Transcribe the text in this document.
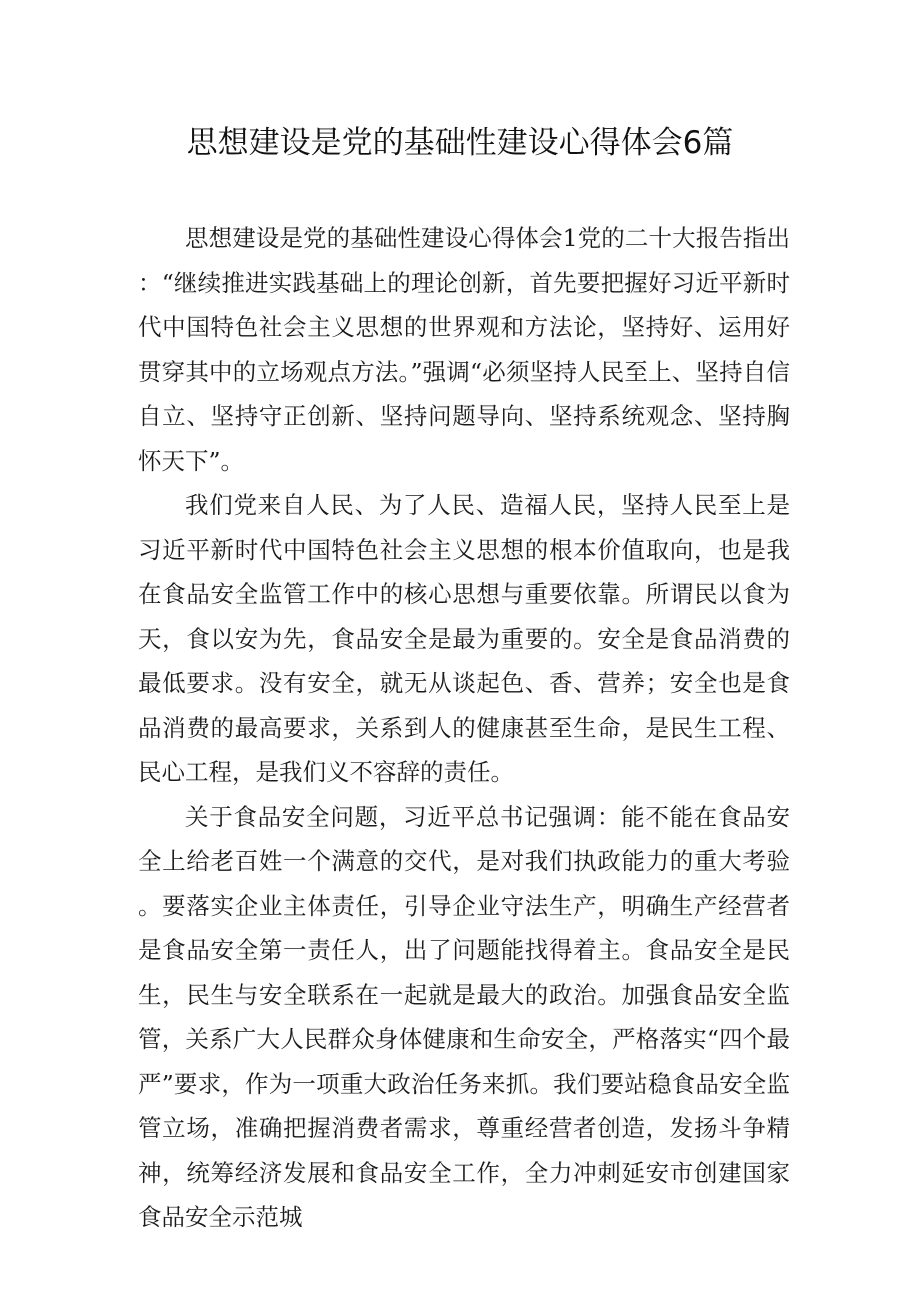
思想建设是党的基础性建设心得体会6篇

思想建设是党的基础性建设心得体会1党的二十大报告指出：“继续推进实践基础上的理论创新，首先要把握好习近平新时代中国特色社会主义思想的世界观和方法论，坚持好、运用好贯穿其中的立场观点方法。”强调“必须坚持人民至上、坚持自信自立、坚持守正创新、坚持问题导向、坚持系统观念、坚持胸怀天下”。

我们党来自人民、为了人民、造福人民，坚持人民至上是习近平新时代中国特色社会主义思想的根本价值取向，也是我在食品安全监管工作中的核心思想与重要依靠。所谓民以食为天，食以安为先，食品安全是最为重要的。安全是食品消费的最低要求。没有安全，就无从谈起色、香、营养；安全也是食品消费的最高要求，关系到人的健康甚至生命，是民生工程、民心工程，是我们义不容辞的责任。

关于食品安全问题，习近平总书记强调：能不能在食品安全上给老百姓一个满意的交代，是对我们执政能力的重大考验。要落实企业主体责任，引导企业守法生产，明确生产经营者是食品安全第一责任人，出了问题能找得着主。食品安全是民生，民生与安全联系在一起就是最大的政治。加强食品安全监管，关系广大人民群众身体健康和生命安全，严格落实“四个最严”要求，作为一项重大政治任务来抓。我们要站稳食品安全监管立场，准确把握消费者需求，尊重经营者创造，发扬斗争精神，统筹经济发展和食品安全工作，全力冲刺延安市创建国家食品安全示范城
